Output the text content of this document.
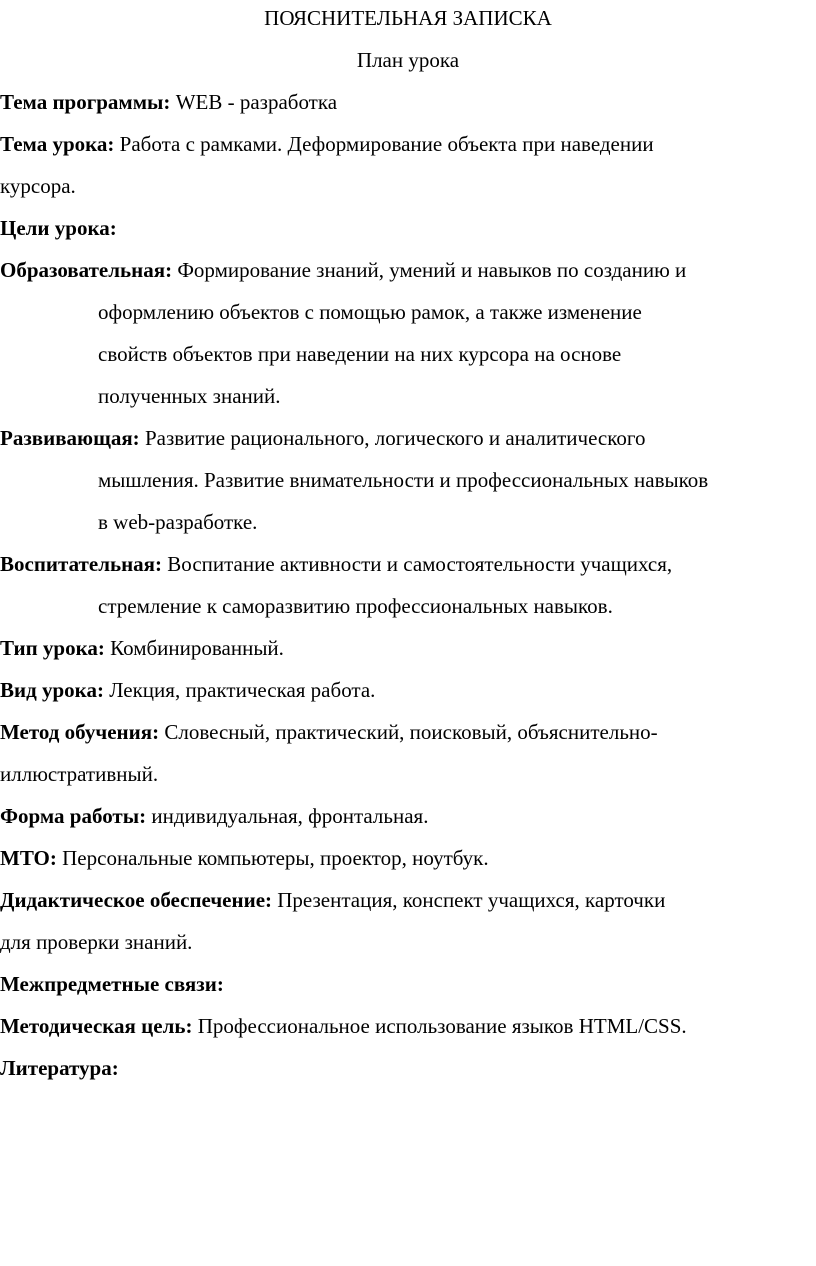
ПОЯСНИТЕЛЬНАЯ ЗАПИСКА
План урока
Тема программы: WEB - разработка
Тема урока: Работа с рамками. Деформирование объекта при наведении
курсора.
Цели урока:
Образовательная: Формирование знаний, умений и навыков по созданию и
оформлению объектов с помощью рамок, а также изменение
свойств объектов при наведении на них курсора на основе
полученных знаний.
Развивающая: Развитие рационального, логического и аналитического
мышления. Развитие внимательности и профессиональных навыков
в web-разработке.
Воспитательная: Воспитание активности и самостоятельности учащихся,
стремление к саморазвитию профессиональных навыков.
Тип урока: Комбинированный.
Вид урока: Лекция, практическая работа.
Метод обучения: Словесный, практический, поисковый, объяснительно-
иллюстративный.
Форма работы: индивидуальная, фронтальная.
МТО: Персональные компьютеры, проектор, ноутбук.
Дидактическое обеспечение: Презентация, конспект учащихся, карточки
для проверки знаний.
Межпредметные связи:
Методическая цель: Профессиональное использование языков HTML/CSS.
Литература:
